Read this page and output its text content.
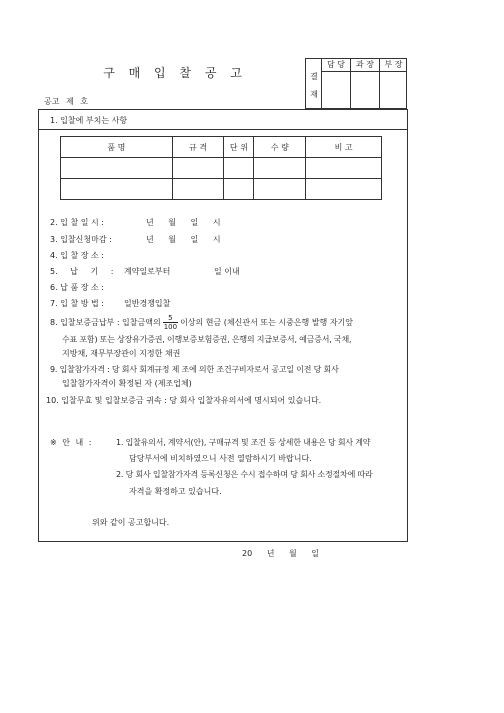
구 매 입 찰 공 고
공고 제 호
결
재
담 당	과 장	부 장
1. 입찰에 부치는 사항
품 명	규 격	단 위	수 량	비 고

2. 입 찰 일 시 :	년 월 일 시
3. 입찰신청마감 :	년 월 일 시
4. 입 찰 장 소 :
5. 납 기 : 계약일로부터	일 이내
6. 납 품 장 소 :
7. 입 찰 방 법 :	일반경쟁입찰
8. 입찰보증금납부 : 입찰금액의 $\frac{5}{100}$ 이상의 현금 (체신관서 또는 시중은행 발행 자기앞
수표 포함) 또는 상장유가증권, 이행보증보험증권, 은행의 지급보증서, 예금증서, 국채,
지방채, 재무부장관이 지정한 채권
9. 입찰참가자격 : 당 회사 회계규정 제 조에 의한 조건구비자로서 공고일 이전 당 회사
입찰참가자격이 확정된 자 (제조업체)
10. 입찰무효 및 입찰보증금 귀속 : 당 회사 입찰자유의서에 명시되어 있습니다.
※ 안 내 :	1. 입찰유의서, 계약서(안), 구매규격 및 조건 등 상세한 내용은 당 회사 계약
담당부서에 비치하였으니 사전 열람하시기 바랍니다.
2. 당 회사 입찰참가자격 등록신청은 수시 접수하며 당 회사 소정절차에 따라
자격을 확정하고 있습니다.
위와 같이 공고합니다.
20 년 월 일
